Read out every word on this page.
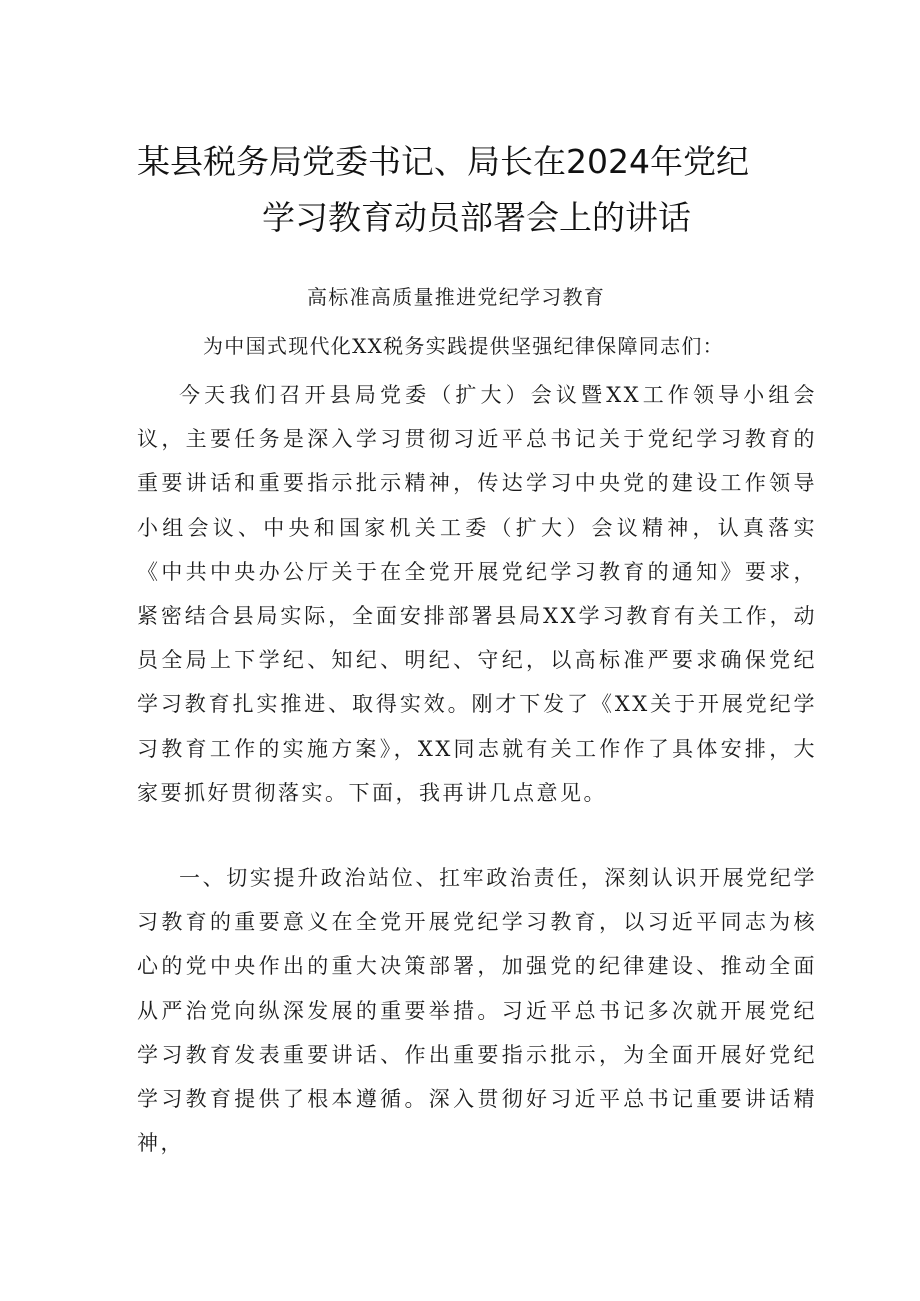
某县税务局党委书记、局长在2024年党纪
学习教育动员部署会上的讲话

高标准高质量推进党纪学习教育

为中国式现代化XX税务实践提供坚强纪律保障同志们：

今天我们召开县局党委（扩大）会议暨XX工作领导小组会议，主要任务是深入学习贯彻习近平总书记关于党纪学习教育的重要讲话和重要指示批示精神，传达学习中央党的建设工作领导小组会议、中央和国家机关工委（扩大）会议精神，认真落实《中共中央办公厅关于在全党开展党纪学习教育的通知》要求，紧密结合县局实际，全面安排部署县局XX学习教育有关工作，动员全局上下学纪、知纪、明纪、守纪，以高标准严要求确保党纪学习教育扎实推进、取得实效。刚才下发了《XX关于开展党纪学习教育工作的实施方案》，XX同志就有关工作作了具体安排，大家要抓好贯彻落实。下面，我再讲几点意见。

一、切实提升政治站位、扛牢政治责任，深刻认识开展党纪学习教育的重要意义在全党开展党纪学习教育，以习近平同志为核心的党中央作出的重大决策部署，加强党的纪律建设、推动全面从严治党向纵深发展的重要举措。习近平总书记多次就开展党纪学习教育发表重要讲话、作出重要指示批示，为全面开展好党纪学习教育提供了根本遵循。深入贯彻好习近平总书记重要讲话精神，
